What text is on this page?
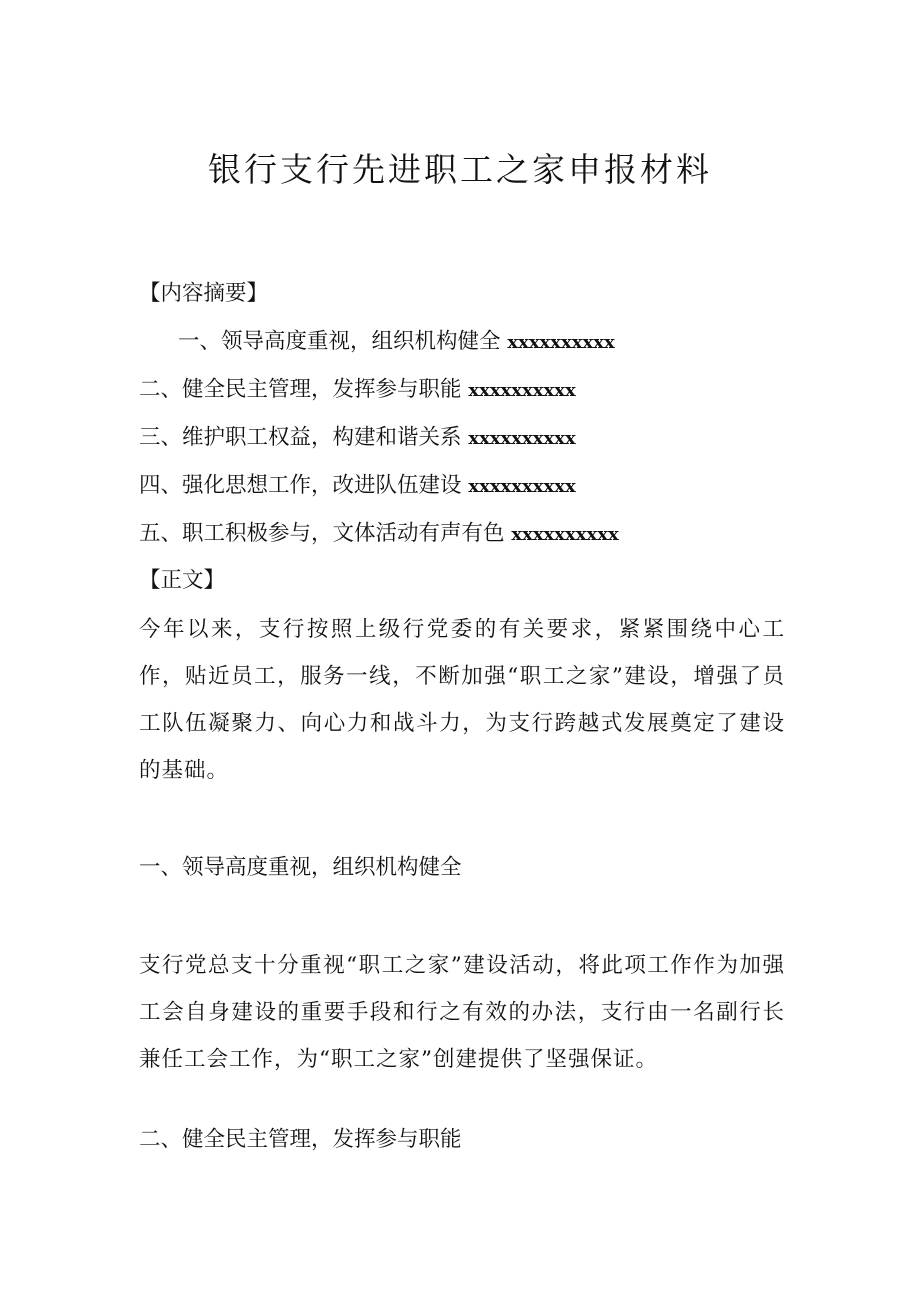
银行支行先进职工之家申报材料
【内容摘要】
一、领导高度重视，组织机构健全 xxxxxxxxxx
二、健全民主管理，发挥参与职能 xxxxxxxxxx
三、维护职工权益，构建和谐关系 xxxxxxxxxx
四、强化思想工作，改进队伍建设 xxxxxxxxxx
五、职工积极参与，文体活动有声有色 xxxxxxxxxx
【正文】
今年以来，支行按照上级行党委的有关要求，紧紧围绕中心工作，贴近员工，服务一线，不断加强“职工之家”建设，增强了员工队伍凝聚力、向心力和战斗力，为支行跨越式发展奠定了建设的基础。
一、领导高度重视，组织机构健全
支行党总支十分重视“职工之家”建设活动，将此项工作作为加强工会自身建设的重要手段和行之有效的办法，支行由一名副行长兼任工会工作，为“职工之家”创建提供了坚强保证。
二、健全民主管理，发挥参与职能
